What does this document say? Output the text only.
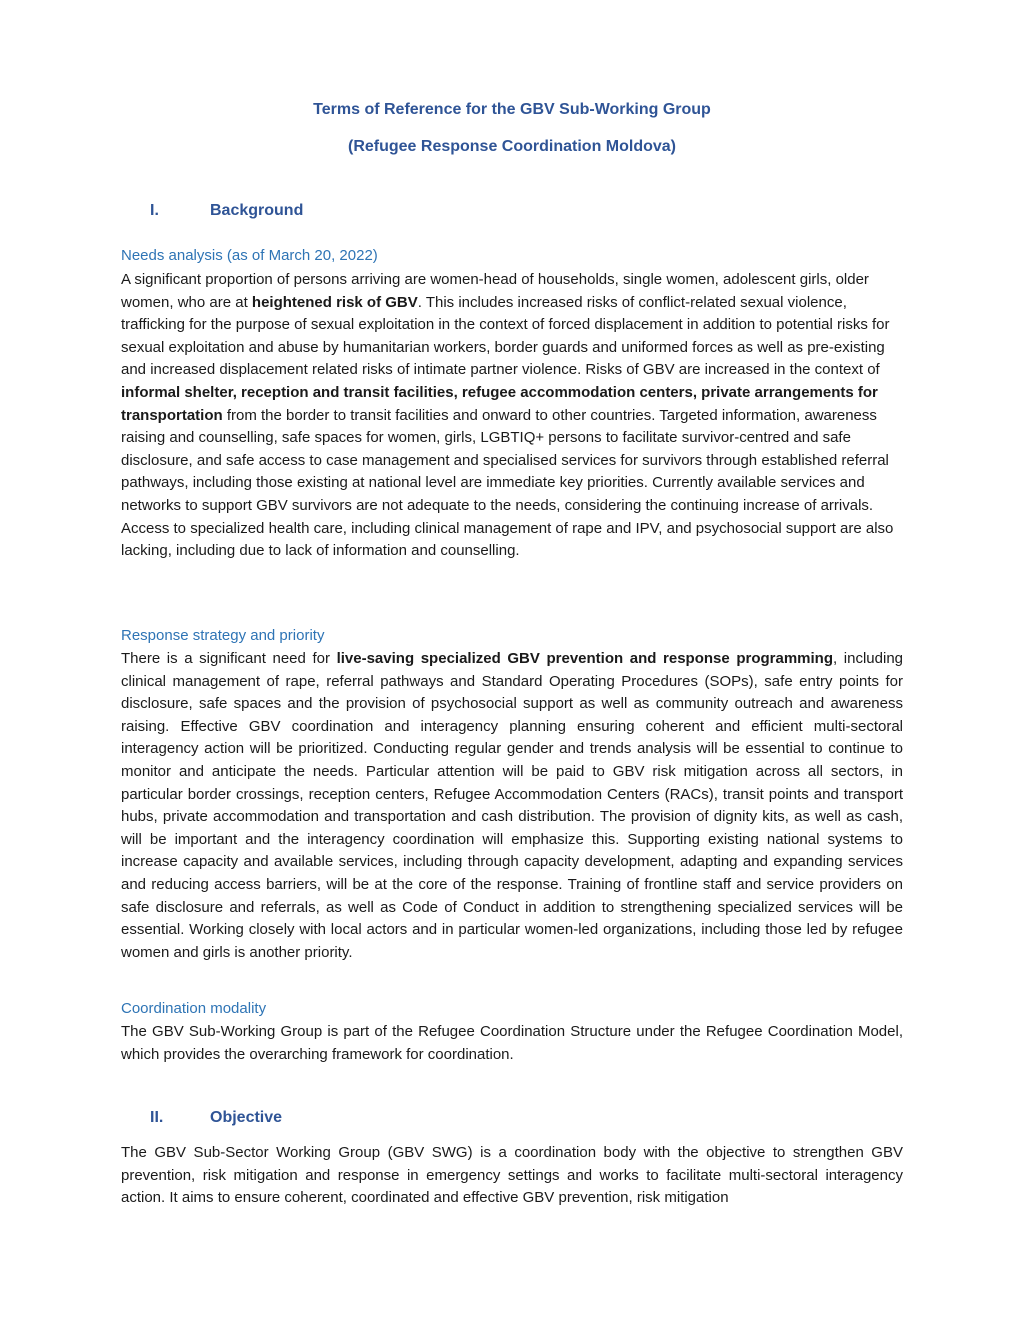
Terms of Reference for the GBV Sub-Working Group
(Refugee Response Coordination Moldova)
I.	Background
Needs analysis (as of March 20, 2022)
A significant proportion of persons arriving are women-head of households, single women, adolescent girls, older women, who are at heightened risk of GBV. This includes increased risks of conflict-related sexual violence, trafficking for the purpose of sexual exploitation in the context of forced displacement in addition to potential risks for sexual exploitation and abuse by humanitarian workers, border guards and uniformed forces as well as pre-existing and increased displacement related risks of intimate partner violence. Risks of GBV are increased in the context of informal shelter, reception and transit facilities, refugee accommodation centers, private arrangements for transportation from the border to transit facilities and onward to other countries. Targeted information, awareness raising and counselling, safe spaces for women, girls, LGBTIQ+ persons to facilitate survivor-centred and safe disclosure, and safe access to case management and specialised services for survivors through established referral pathways, including those existing at national level are immediate key priorities. Currently available services and networks to support GBV survivors are not adequate to the needs, considering the continuing increase of arrivals. Access to specialized health care, including clinical management of rape and IPV, and psychosocial support are also lacking, including due to lack of information and counselling.
Response strategy and priority
There is a significant need for live-saving specialized GBV prevention and response programming, including clinical management of rape, referral pathways and Standard Operating Procedures (SOPs), safe entry points for disclosure, safe spaces and the provision of psychosocial support as well as community outreach and awareness raising. Effective GBV coordination and interagency planning ensuring coherent and efficient multi-sectoral interagency action will be prioritized. Conducting regular gender and trends analysis will be essential to continue to monitor and anticipate the needs. Particular attention will be paid to GBV risk mitigation across all sectors, in particular border crossings, reception centers, Refugee Accommodation Centers (RACs), transit points and transport hubs, private accommodation and transportation and cash distribution. The provision of dignity kits, as well as cash, will be important and the interagency coordination will emphasize this. Supporting existing national systems to increase capacity and available services, including through capacity development, adapting and expanding services and reducing access barriers, will be at the core of the response. Training of frontline staff and service providers on safe disclosure and referrals, as well as Code of Conduct in addition to strengthening specialized services will be essential. Working closely with local actors and in particular women-led organizations, including those led by refugee women and girls is another priority.
Coordination modality
The GBV Sub-Working Group is part of the Refugee Coordination Structure under the Refugee Coordination Model, which provides the overarching framework for coordination.
II.	Objective
The GBV Sub-Sector Working Group (GBV SWG) is a coordination body with the objective to strengthen GBV prevention, risk mitigation and response in emergency settings and works to facilitate multi-sectoral interagency action. It aims to ensure coherent, coordinated and effective GBV prevention, risk mitigation
